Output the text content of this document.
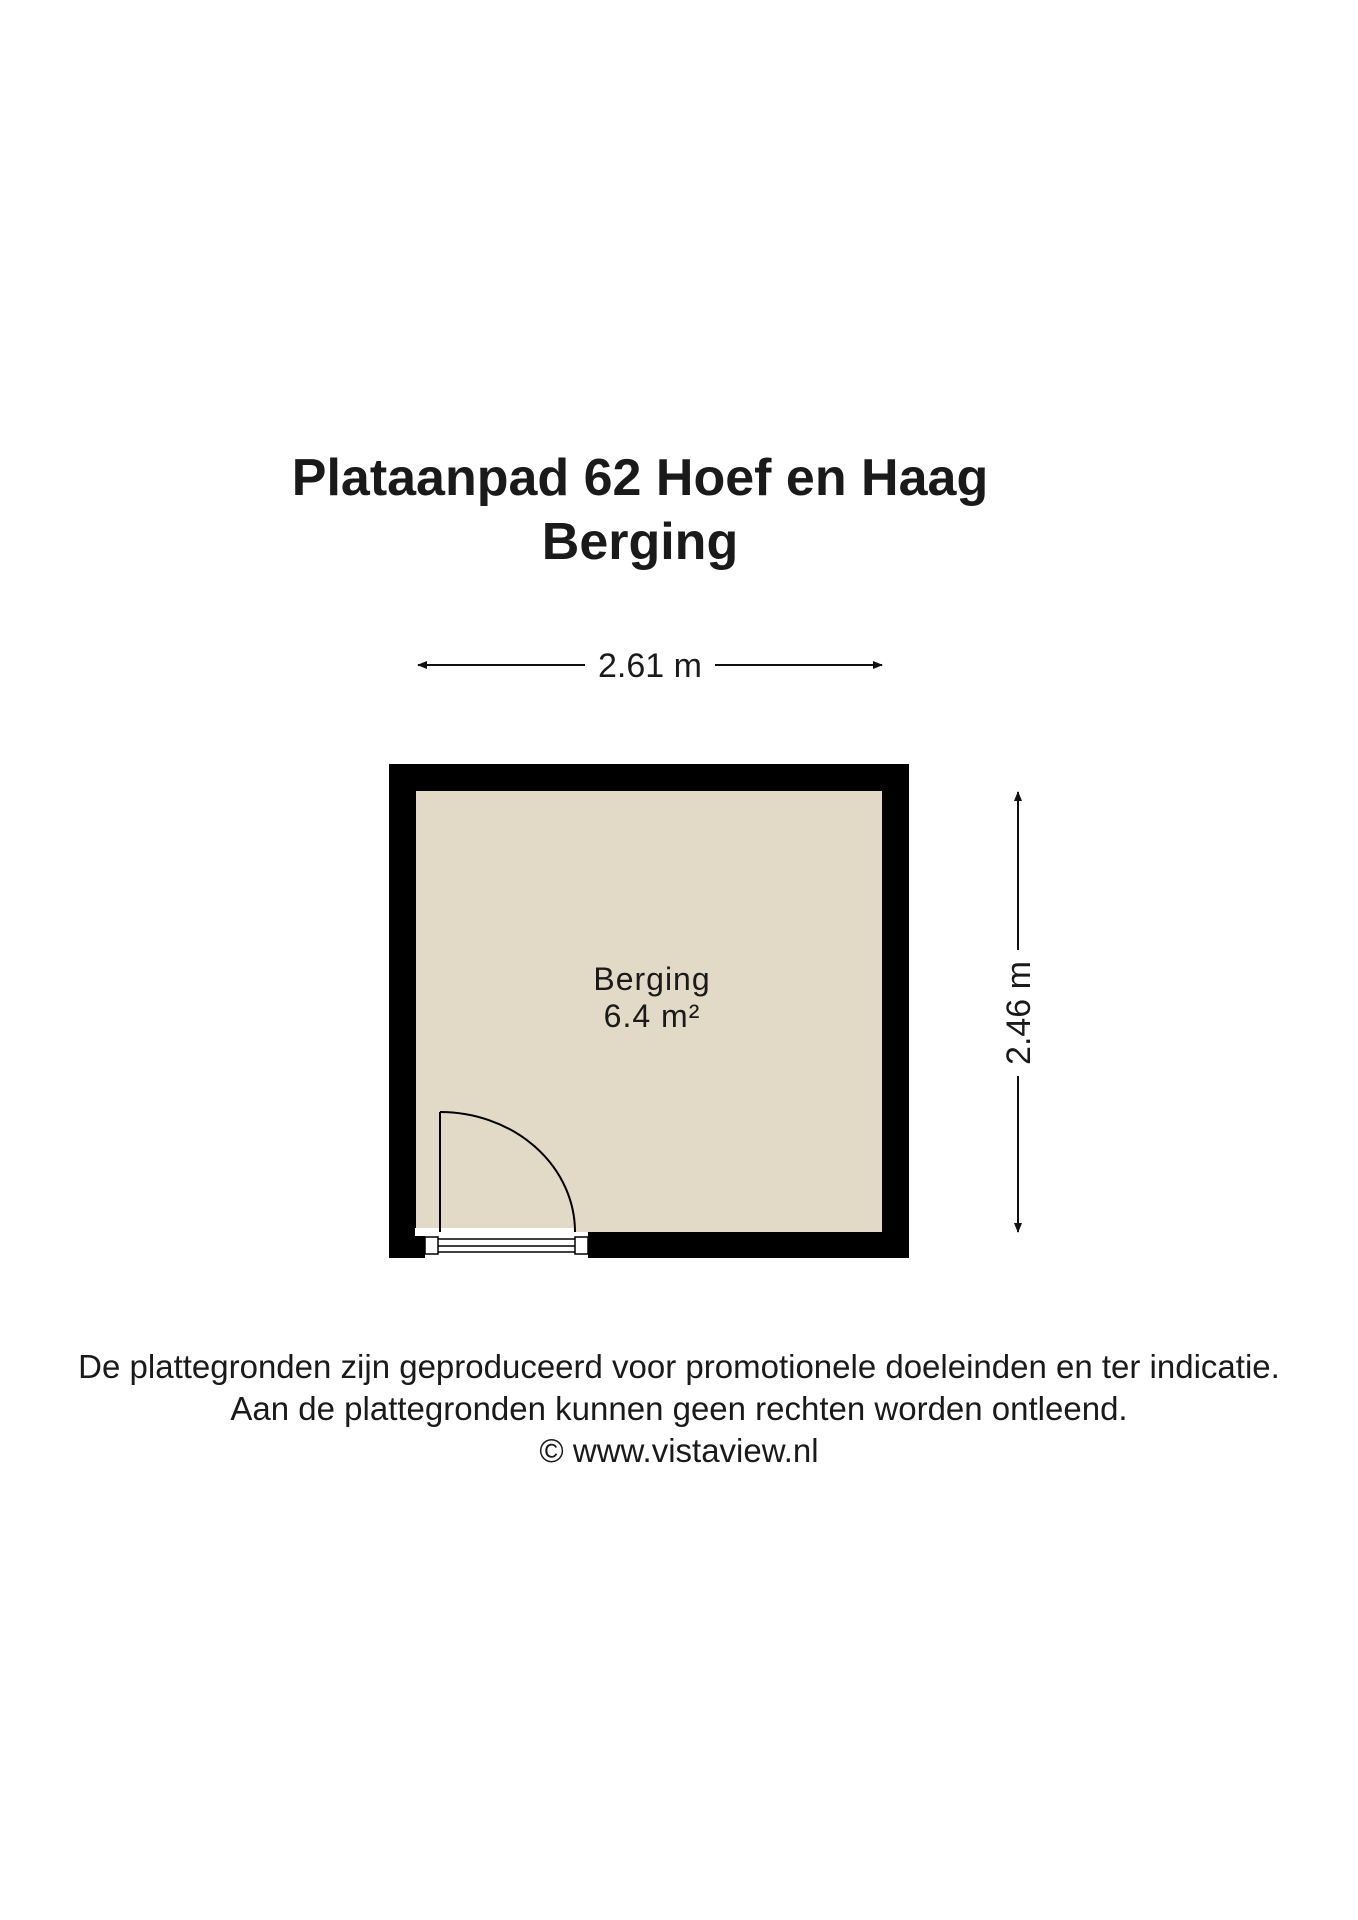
Plataanpad 62 Hoef en Haag
Berging
2.61 m
2.46 m
Berging
6.4 m²
De plattegronden zijn geproduceerd voor promotionele doeleinden en ter indicatie.
Aan de plattegronden kunnen geen rechten worden ontleend.
© www.vistaview.nl
